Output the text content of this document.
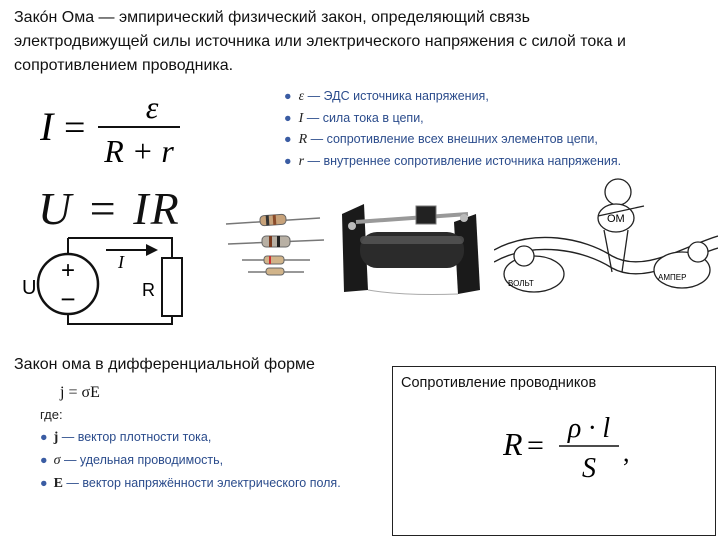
Закóн Ома — эмпирический физический закон, определяющий связь

электродвижущей силы источника или электрического напряжения с силой тока и

сопротивлением проводника.

I = ε
R + r
● ε — ЭДС источника напряжения,
● I — сила тока в цепи,
● R — сопротивление всех внешних элементов цепи,
● r — внутреннее сопротивление источника напряжения.
U = IR
+
−
U	R
I
ОМ
ВОЛЬТ
АМПЕР
Закон ома в дифференциальной форме
j = σE
где:
● j — вектор плотности тока,
● σ — удельная проводимость,
● E — вектор напряжённости электрического поля.
Сопротивление проводников
R =
ρ · l
S
,
